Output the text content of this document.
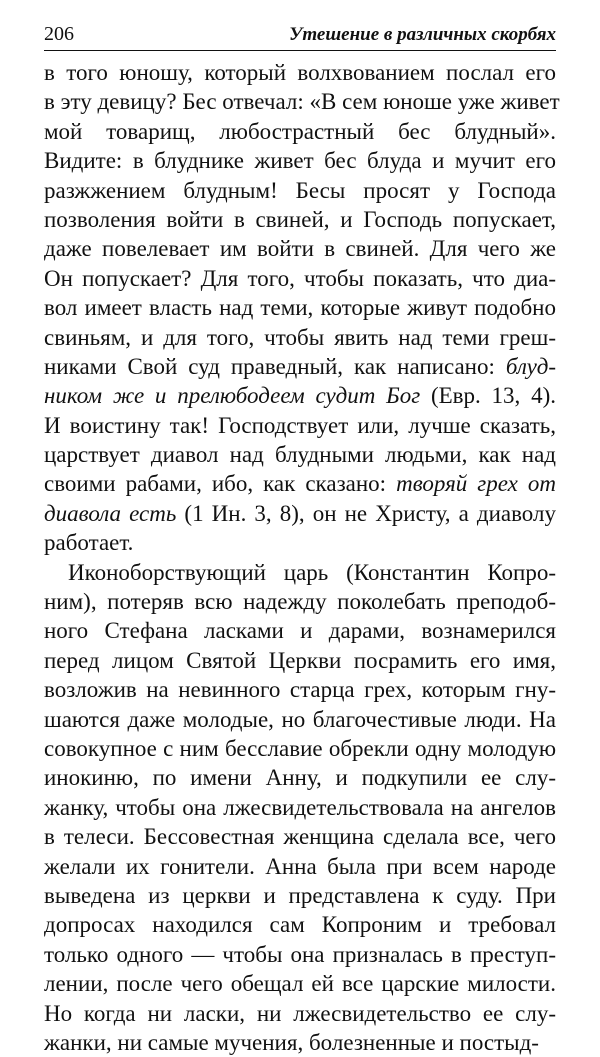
206	Утешение в различных скорбях
в того юношу, который волхвованием послал его
в эту девицу? Бес отвечал: «В сем юноше уже живет
мой товарищ, любострастный бес блудный».
Видите: в блуднике живет бес блуда и мучит его
разжжением блудным! Бесы просят у Господа
позволения войти в свиней, и Господь попускает,
даже повелевает им войти в свиней. Для чего же
Он попускает? Для того, чтобы показать, что диа-
вол имеет власть над теми, которые живут подобно
свиньям, и для того, чтобы явить над теми греш-
никами Свой суд праведный, как написано: блуд-
ником же и прелюбодеем судит Бог (Евр. 13, 4).
И воистину так! Господствует или, лучше сказать,
царствует диавол над блудными людьми, как над
своими рабами, ибо, как сказано: творяй грех от
диавола есть (1 Ин. 3, 8), он не Христу, а диаволу
работает.
Иконоборствующий царь (Константин Копро-
ним), потеряв всю надежду поколебать преподоб-
ного Стефана ласками и дарами, вознамерился
перед лицом Святой Церкви посрамить его имя,
возложив на невинного старца грех, которым гну-
шаются даже молодые, но благочестивые люди. На
совокупное с ним бесславие обрекли одну молодую
инокиню, по имени Анну, и подкупили ее слу-
жанку, чтобы она лжесвидетельствовала на ангелов
в телеси. Бессовестная женщина сделала все, чего
желали их гонители. Анна была при всем народе
выведена из церкви и представлена к суду. При
допросах находился сам Копроним и требовал
только одного — чтобы она призналась в преступ-
лении, после чего обещал ей все царские милости.
Но когда ни ласки, ни лжесвидетельство ее слу-
жанки, ни самые мучения, болезненные и постыд-
